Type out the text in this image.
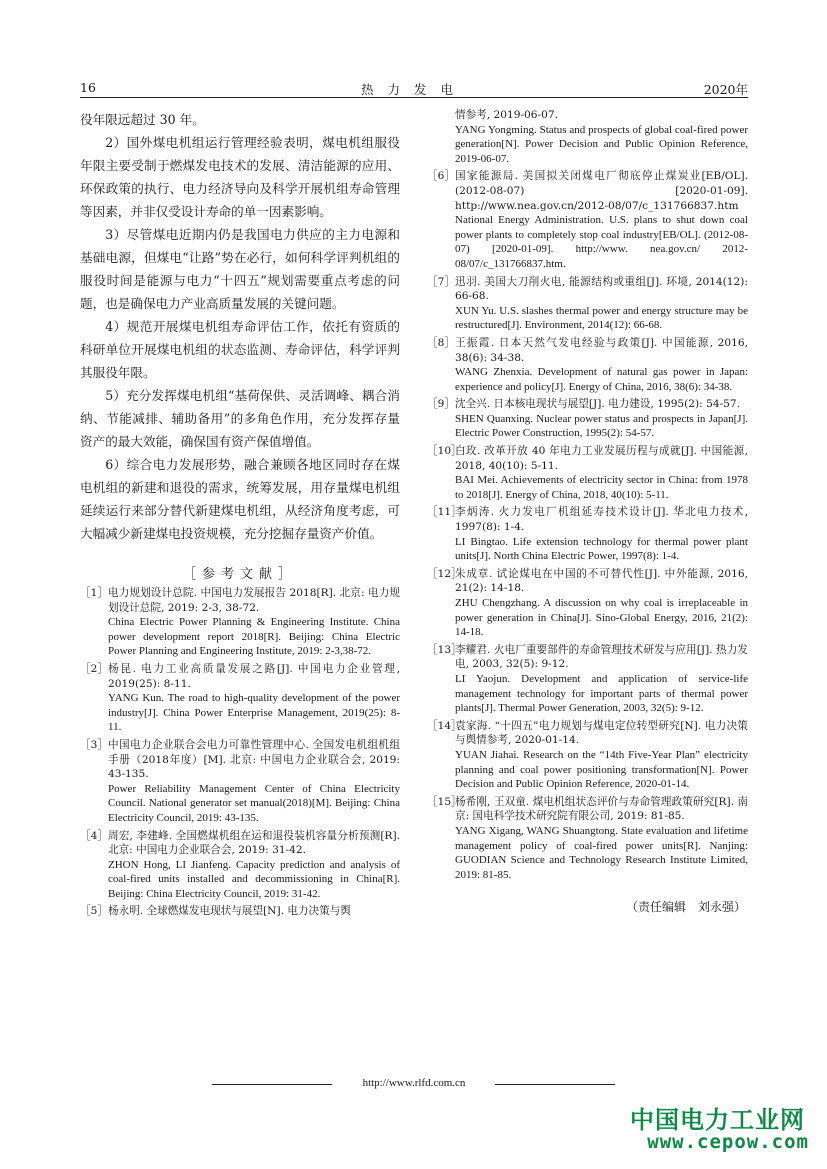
16	热力发电	2020年

役年限远超过 30 年。

2）国外煤电机组运行管理经验表明，煤电机组服役年限主要受制于燃煤发电技术的发展、清洁能源的应用、环保政策的执行、电力经济导向及科学开展机组寿命管理等因素，并非仅受设计寿命的单一因素影响。

3）尽管煤电近期内仍是我国电力供应的主力电源和基础电源，但煤电“让路”势在必行，如何科学评判机组的服役时间是能源与电力“十四五”规划需要重点考虑的问题，也是确保电力产业高质量发展的关键问题。

4）规范开展煤电机组寿命评估工作，依托有资质的科研单位开展煤电机组的状态监测、寿命评估，科学评判其服役年限。

5）充分发挥煤电机组“基荷保供、灵活调峰、耦合消纳、节能减排、辅助备用”的多角色作用，充分发挥存量资产的最大效能，确保国有资产保值增值。

6）综合电力发展形势，融合兼顾各地区同时存在煤电机组的新建和退役的需求，统筹发展，用存量煤电机组延续运行来部分替代新建煤电机组，从经济角度考虑，可大幅减少新建煤电投资规模，充分挖掘存量资产价值。

［参考文献］
［1］ 电力规划设计总院. 中国电力发展报告 2018[R]. 北京: 电力规划设计总院, 2019: 2-3, 38-72.

China Electric Power Planning & Engineering Institute. China power development report 2018[R]. Beijing: China Electric Power Planning and Engineering Institute, 2019: 2-3,38-72.

［2］ 杨昆. 电力工业高质量发展之路[J]. 中国电力企业管理, 2019(25): 8-11.

YANG Kun. The road to high-quality development of the power industry[J]. China Power Enterprise Management, 2019(25): 8-11.

［3］ 中国电力企业联合会电力可靠性管理中心. 全国发电机组机组手册（2018年度）[M]. 北京: 中国电力企业联合会, 2019: 43-135.

Power Reliability Management Center of China Electricity Council. National generator set manual(2018)[M]. Beijing: China Electricity Council, 2019: 43-135.

［4］ 周宏, 李建峰. 全国燃煤机组在运和退役装机容量分析预测[R]. 北京: 中国电力企业联合会, 2019: 31-42.

ZHON Hong, LI Jianfeng. Capacity prediction and analysis of coal-fired units installed and decommissioning in China[R]. Beijing: China Electricity Council, 2019: 31-42.

［5］ 杨永明. 全球燃煤发电现状与展望[N]. 电力决策与舆

情参考, 2019-06-07.

YANG Yongming. Status and prospects of global coal-fired power generation[N]. Power Decision and Public Opinion Reference, 2019-06-07.

［6］ 国家能源局. 美国拟关闭煤电厂彻底停止煤炭业[EB/OL]. (2012-08-07) [2020-01-09]. http://www.nea.gov.cn/2012-08/07/c_131766837.htm

National Energy Administration. U.S. plans to shut down coal power plants to completely stop coal industry[EB/OL]. (2012-08-07) [2020-01-09]. http://www. nea.gov.cn/ 2012-08/07/c_131766837.htm.

［7］ 迅羽. 美国大刀削火电, 能源结构或重组[J]. 环境, 2014(12): 66-68.

XUN Yu. U.S. slashes thermal power and energy structure may be restructured[J]. Environment, 2014(12): 66-68.

［8］ 王振霞. 日本天然气发电经验与政策[J]. 中国能源, 2016, 38(6): 34-38.

WANG Zhenxia. Development of natural gas power in Japan: experience and policy[J]. Energy of China, 2016, 38(6): 34-38.

［9］ 沈全兴. 日本核电现状与展望[J]. 电力建设, 1995(2): 54-57.

SHEN Quanxing. Nuclear power status and prospects in Japan[J]. Electric Power Construction, 1995(2): 54-57.

［10］

白玫. 改革开放 40 年电力工业发展历程与成就[J]. 中国能源, 2018, 40(10): 5-11.

BAI Mei. Achievements of electricity sector in China: from 1978 to 2018[J]. Energy of China, 2018, 40(10): 5-11.

［11］

李炳涛. 火力发电厂机组延寿技术设计[J]. 华北电力技术, 1997(8): 1-4.

LI Bingtao. Life extension technology for thermal power plant units[J]. North China Electric Power, 1997(8): 1-4.

［12］

朱成章. 试论煤电在中国的不可替代性[J]. 中外能源, 2016, 21(2): 14-18.

ZHU Chengzhang. A discussion on why coal is irreplaceable in power generation in China[J]. Sino-Global Energy, 2016, 21(2): 14-18.

［13］

李耀君. 火电厂重要部件的寿命管理技术研发与应用[J]. 热力发电, 2003, 32(5): 9-12.

LI Yaojun. Development and application of service-life management technology for important parts of thermal power plants[J]. Thermal Power Generation, 2003, 32(5): 9-12.

［14］

袁家海. “十四五”电力规划与煤电定位转型研究[N]. 电力决策与舆情参考, 2020-01-14.

YUAN Jiahai. Research on the “14th Five-Year Plan” electricity planning and coal power positioning transformation[N]. Power Decision and Public Opinion Reference, 2020-01-14.

［15］

杨希刚, 王双童. 煤电机组状态评价与寿命管理政策研究[R]. 南京: 国电科学技术研究院有限公司, 2019: 81-85.

YANG Xigang, WANG Shuangtong. State evaluation and lifetime management policy of coal-fired power units[R]. Nanjing: GUODIAN Science and Technology Research Institute Limited, 2019: 81-85.

（责任编辑　刘永强）
http://www.rlfd.com.cn
中国电力工业网
www.cepow.com
